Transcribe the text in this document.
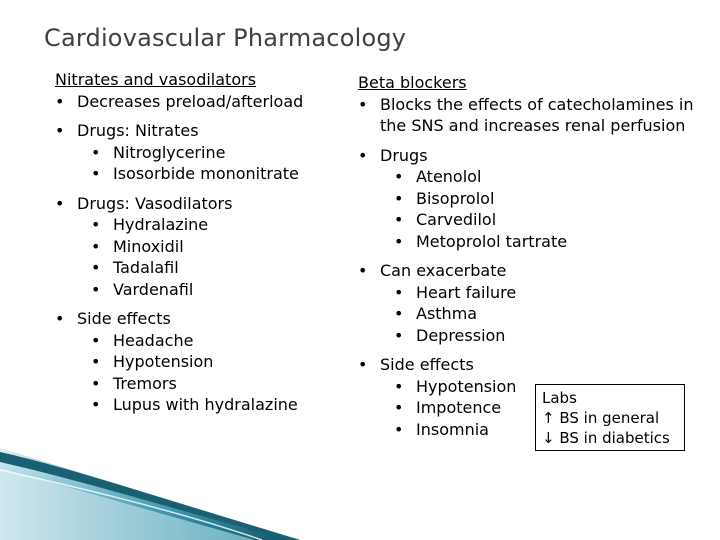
Cardiovascular Pharmacology
Nitrates and vasodilators
• Decreases preload/afterload
• Drugs: Nitrates
• Nitroglycerine
• Isosorbide mononitrate
• Drugs: Vasodilators
• Hydralazine
• Minoxidil
• Tadalafil
• Vardenafil
• Side effects
• Headache
• Hypotension
• Tremors
• Lupus with hydralazine
Beta blockers
• Blocks the effects of catecholamines in the SNS and increases renal perfusion
• Drugs
• Atenolol
• Bisoprolol
• Carvedilol
• Metoprolol tartrate
• Can exacerbate
• Heart failure
• Asthma
• Depression
• Side effects
• Hypotension
• Impotence
• Insomnia
Labs
↑ BS in general
↓ BS in diabetics
